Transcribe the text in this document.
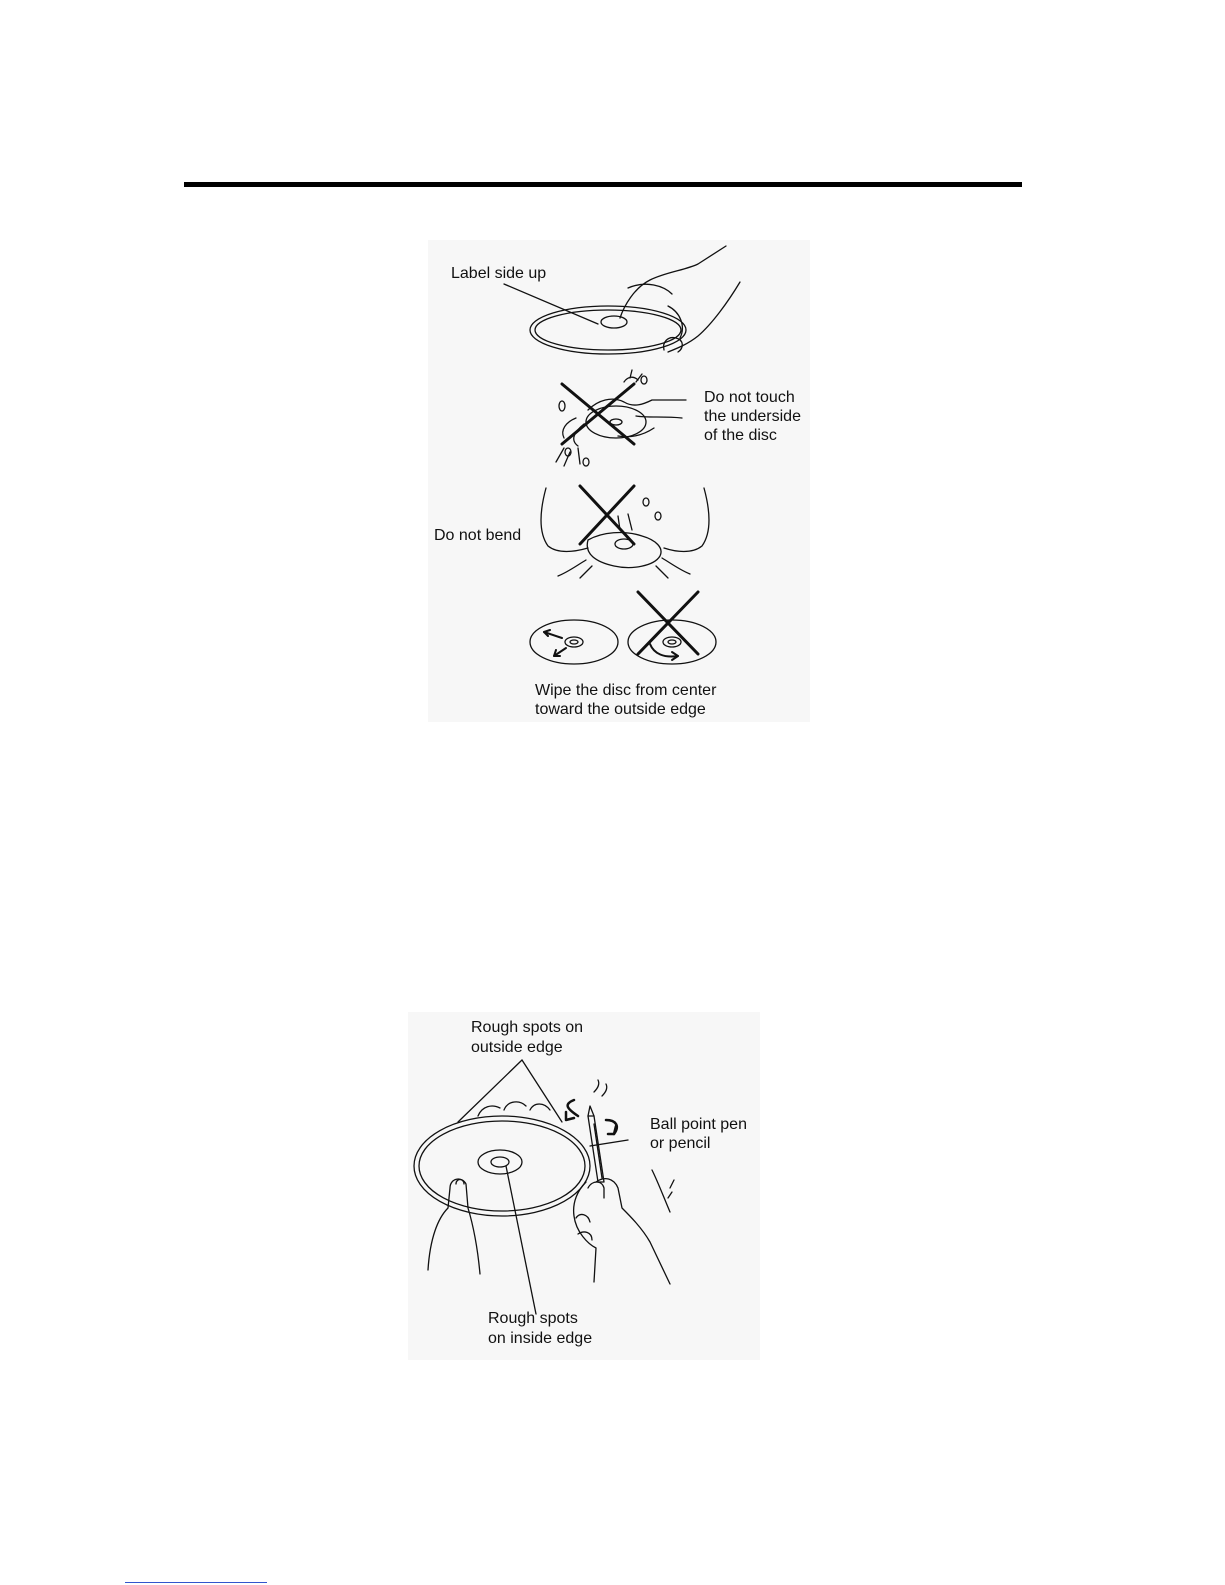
Label side up
Do not touch
the underside
of the disc
Do not bend
Wipe the disc from center
toward the outside edge
Rough spots on
outside edge
Ball point pen
or pencil
Rough spots
on inside edge
